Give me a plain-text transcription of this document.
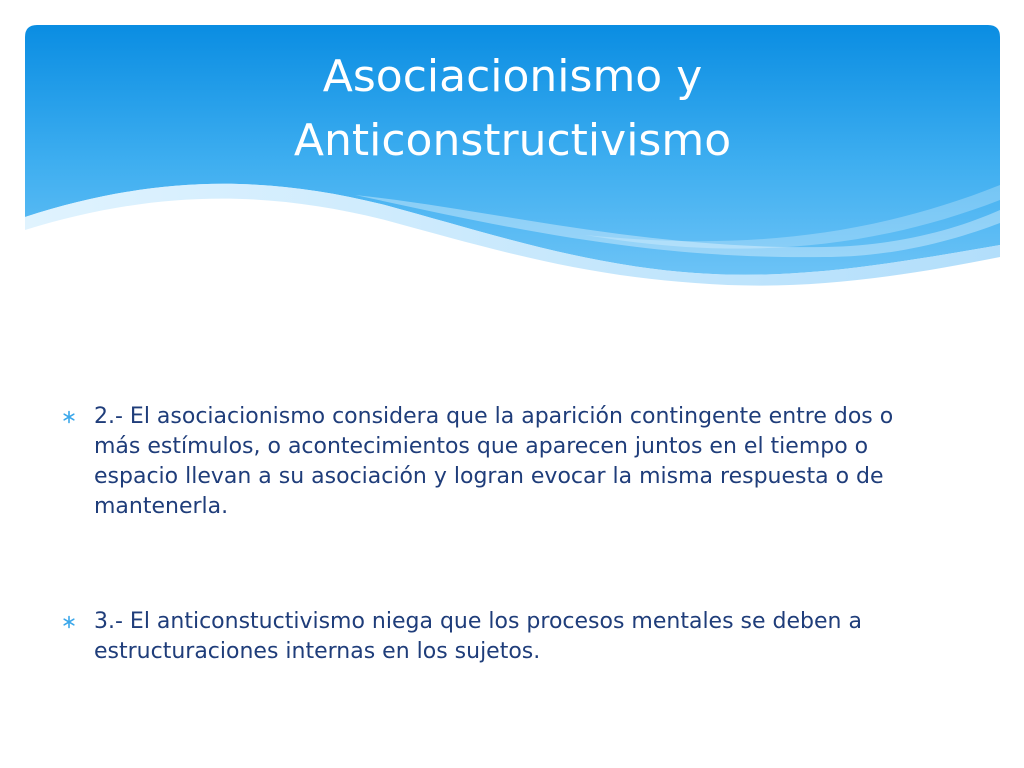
Asociacionismo y
Anticonstructivismo

2.- El asociacionismo considera que la aparición contingente entre dos o más estímulos, o acontecimientos que aparecen juntos en el tiempo o espacio llevan a su asociación y logran evocar la misma respuesta o de mantenerla.

3.- El anticonstuctivismo niega que los procesos mentales se deben a estructuraciones internas en los sujetos.
